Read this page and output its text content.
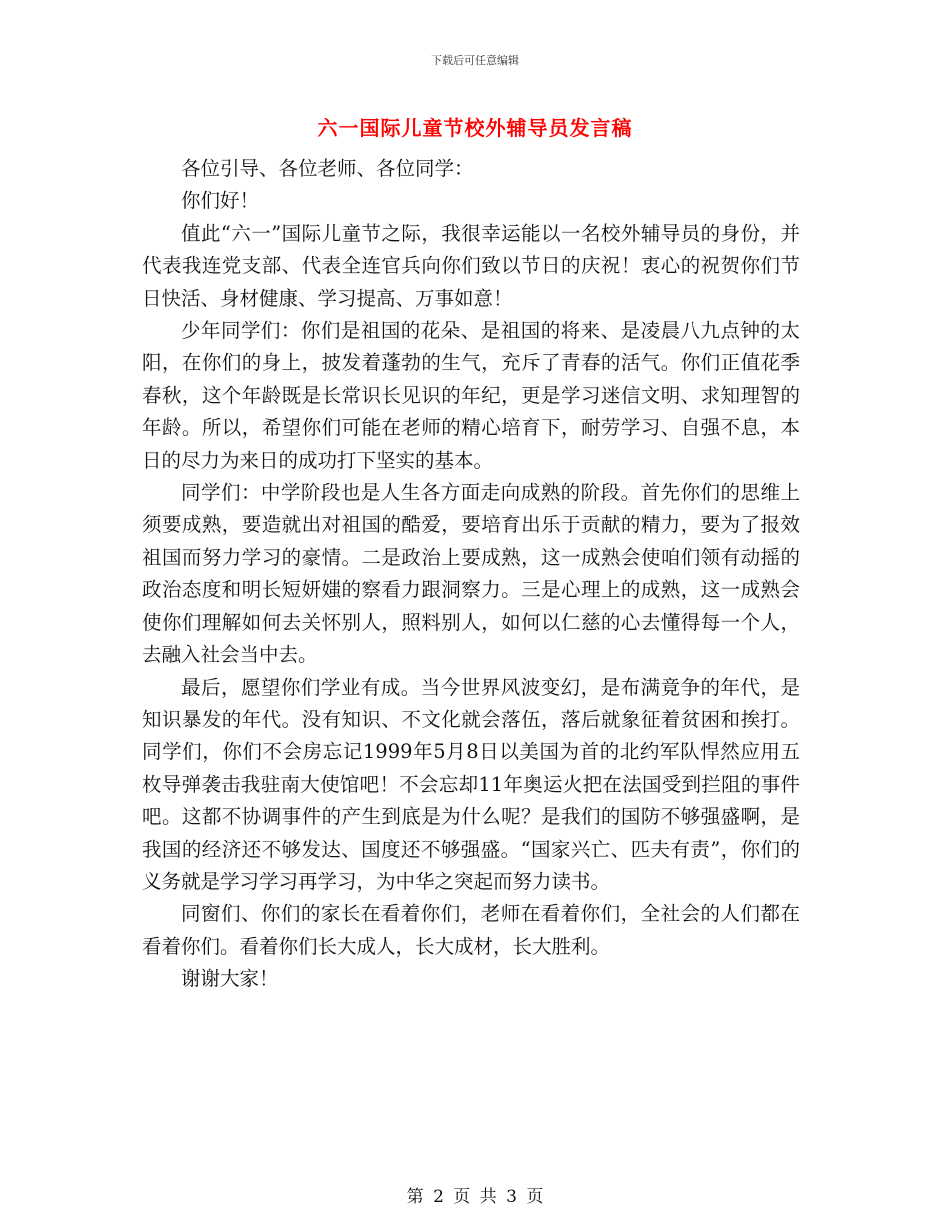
下载后可任意编辑
六一国际儿童节校外辅导员发言稿

各位引导、各位老师、各位同学：

你们好！

值此“六一”国际儿童节之际，我很幸运能以一名校外辅导员的身份，并代表我连党支部、代表全连官兵向你们致以节日的庆祝！衷心的祝贺你们节日快活、身材健康、学习提高、万事如意！

少年同学们：你们是祖国的花朵、是祖国的将来、是凌晨八九点钟的太阳，在你们的身上，披发着蓬勃的生气，充斥了青春的活气。你们正值花季春秋，这个年龄既是长常识长见识的年纪，更是学习迷信文明、求知理智的年龄。所以，希望你们可能在老师的精心培育下，耐劳学习、自强不息，本日的尽力为来日的成功打下坚实的基本。

同学们：中学阶段也是人生各方面走向成熟的阶段。首先你们的思维上须要成熟，要造就出对祖国的酷爱，要培育出乐于贡献的精力，要为了报效祖国而努力学习的豪情。二是政治上要成熟，这一成熟会使咱们领有动摇的政治态度和明长短妍媸的察看力跟洞察力。三是心理上的成熟，这一成熟会使你们理解如何去关怀别人，照料别人，如何以仁慈的心去懂得每一个人，去融入社会当中去。

最后，愿望你们学业有成。当今世界风波变幻，是布满竟争的年代，是知识暴发的年代。没有知识、不文化就会落伍，落后就象征着贫困和挨打。同学们，你们不会房忘记1999年5月8日以美国为首的北约军队悍然应用五枚导弹袭击我驻南大使馆吧！不会忘却11年奥运火把在法国受到拦阻的事件吧。这都不协调事件的产生到底是为什么呢？是我们的国防不够强盛啊，是我国的经济还不够发达、国度还不够强盛。“国家兴亡、匹夫有责”，你们的义务就是学习学习再学习，为中华之突起而努力读书。

同窗们、你们的家长在看着你们，老师在看着你们，全社会的人们都在看着你们。看着你们长大成人，长大成材，长大胜利。

谢谢大家！

第 2 页 共 3 页
